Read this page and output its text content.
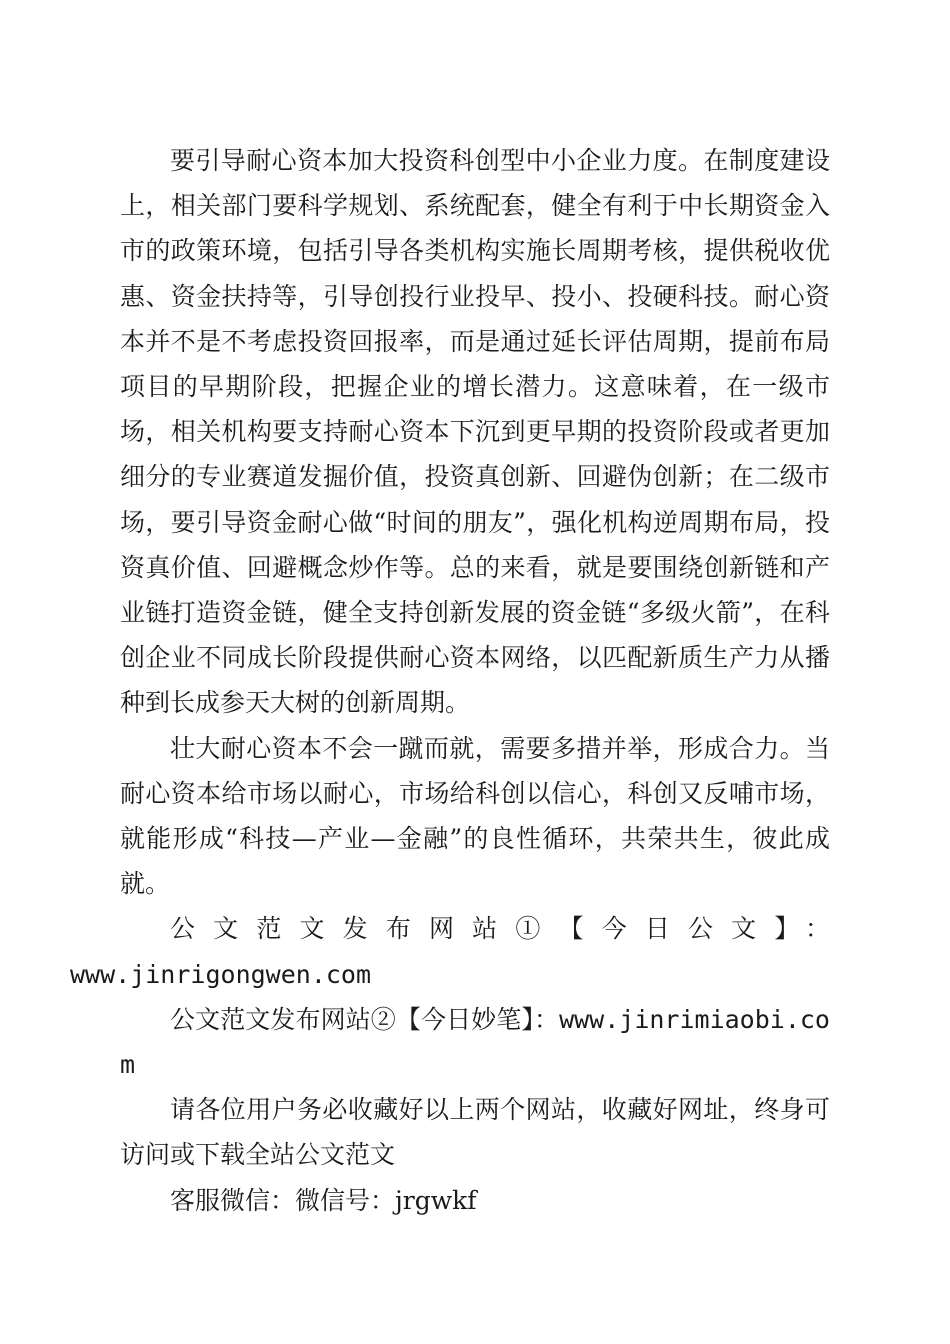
要引导耐心资本加大投资科创型中小企业力度。在制度建设上，相关部门要科学规划、系统配套，健全有利于中长期资金入市的政策环境，包括引导各类机构实施长周期考核，提供税收优惠、资金扶持等，引导创投行业投早、投小、投硬科技。耐心资本并不是不考虑投资回报率，而是通过延长评估周期，提前布局项目的早期阶段，把握企业的增长潜力。这意味着，在一级市场，相关机构要支持耐心资本下沉到更早期的投资阶段或者更加细分的专业赛道发掘价值，投资真创新、回避伪创新；在二级市场，要引导资金耐心做“时间的朋友”，强化机构逆周期布局，投资真价值、回避概念炒作等。总的来看，就是要围绕创新链和产业链打造资金链，健全支持创新发展的资金链“多级火箭”，在科创企业不同成长阶段提供耐心资本网络，以匹配新质生产力从播种到长成参天大树的创新周期。

壮大耐心资本不会一蹴而就，需要多措并举，形成合力。当耐心资本给市场以耐心，市场给科创以信心，科创又反哺市场，就能形成“科技—产业—金融”的良性循环，共荣共生，彼此成就。

公文范文发布网站①【今日公文】：
www.jinrigongwen.com

公文范文发布网站②【今日妙笔】：www.jinrimiaobi.com

请各位用户务必收藏好以上两个网站，收藏好网址，终身可访问或下载全站公文范文

客服微信：微信号：jrgwkf
